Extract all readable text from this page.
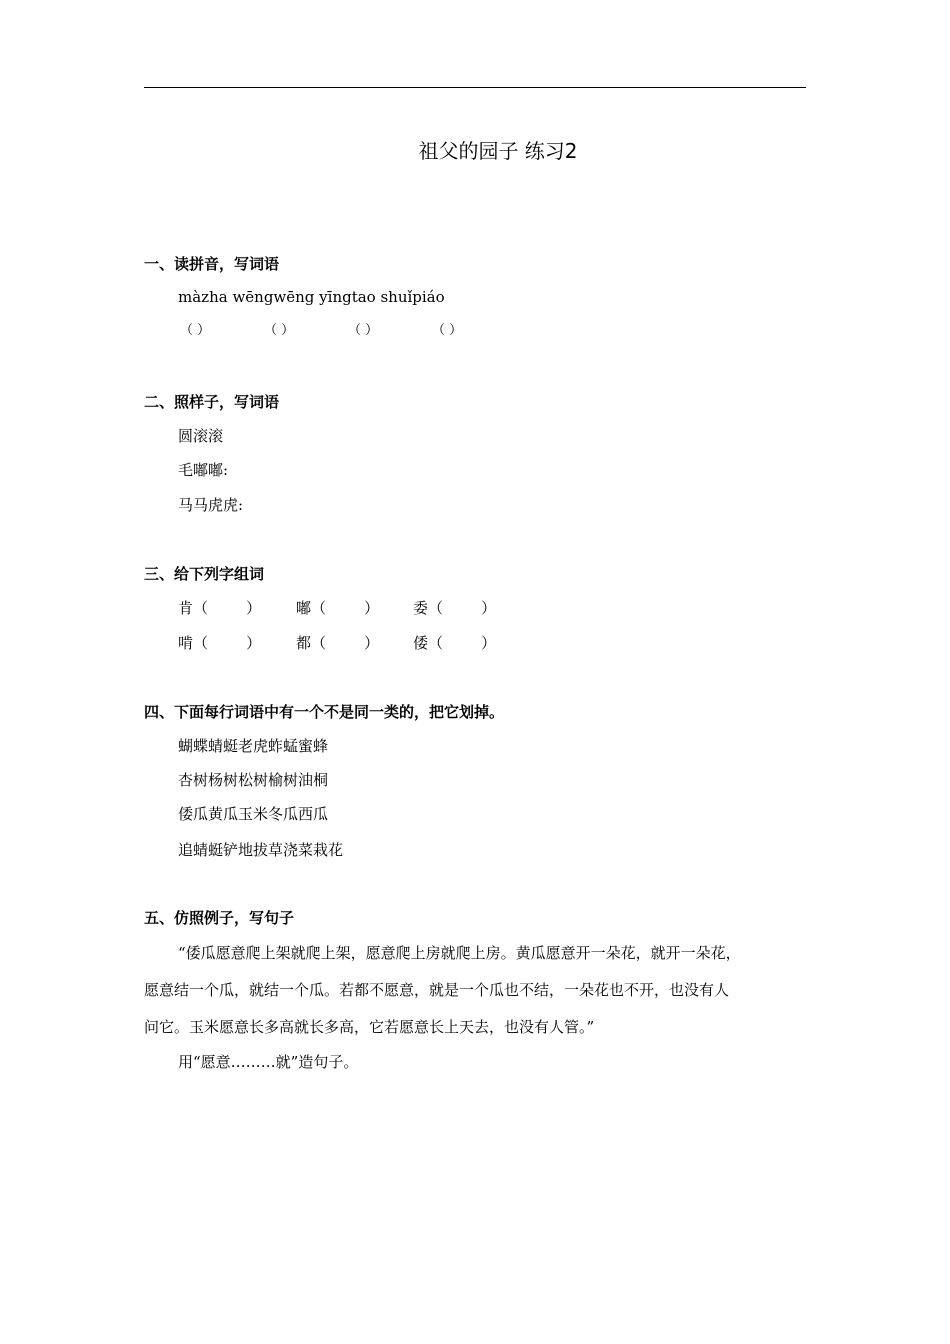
祖父的园子 练习2
一、读拼音，写词语
màzha wēngwēng yīngtao shuǐpiáo
（ ）	（ ）	（ ）	（ ）
二、照样子，写词语
圆滚滚
毛嘟嘟:
马马虎虎:
三、给下列字组词
肯（        ） 嘟（        ） 委（        ）
啃（        ） 都（        ） 倭（        ）
四、下面每行词语中有一个不是同一类的，把它划掉。
蝴蝶蜻蜓老虎蚱蜢蜜蜂
杏树杨树松树榆树油桐
倭瓜黄瓜玉米冬瓜西瓜
追蜻蜓铲地拔草浇菜栽花
五、仿照例子，写句子
“倭瓜愿意爬上架就爬上架，愿意爬上房就爬上房。黄瓜愿意开一朵花，就开一朵花，
愿意结一个瓜，就结一个瓜。若都不愿意，就是一个瓜也不结，一朵花也不开，也没有人
问它。玉米愿意长多高就长多高，它若愿意长上天去，也没有人管。”
用“愿意………就”造句子。
